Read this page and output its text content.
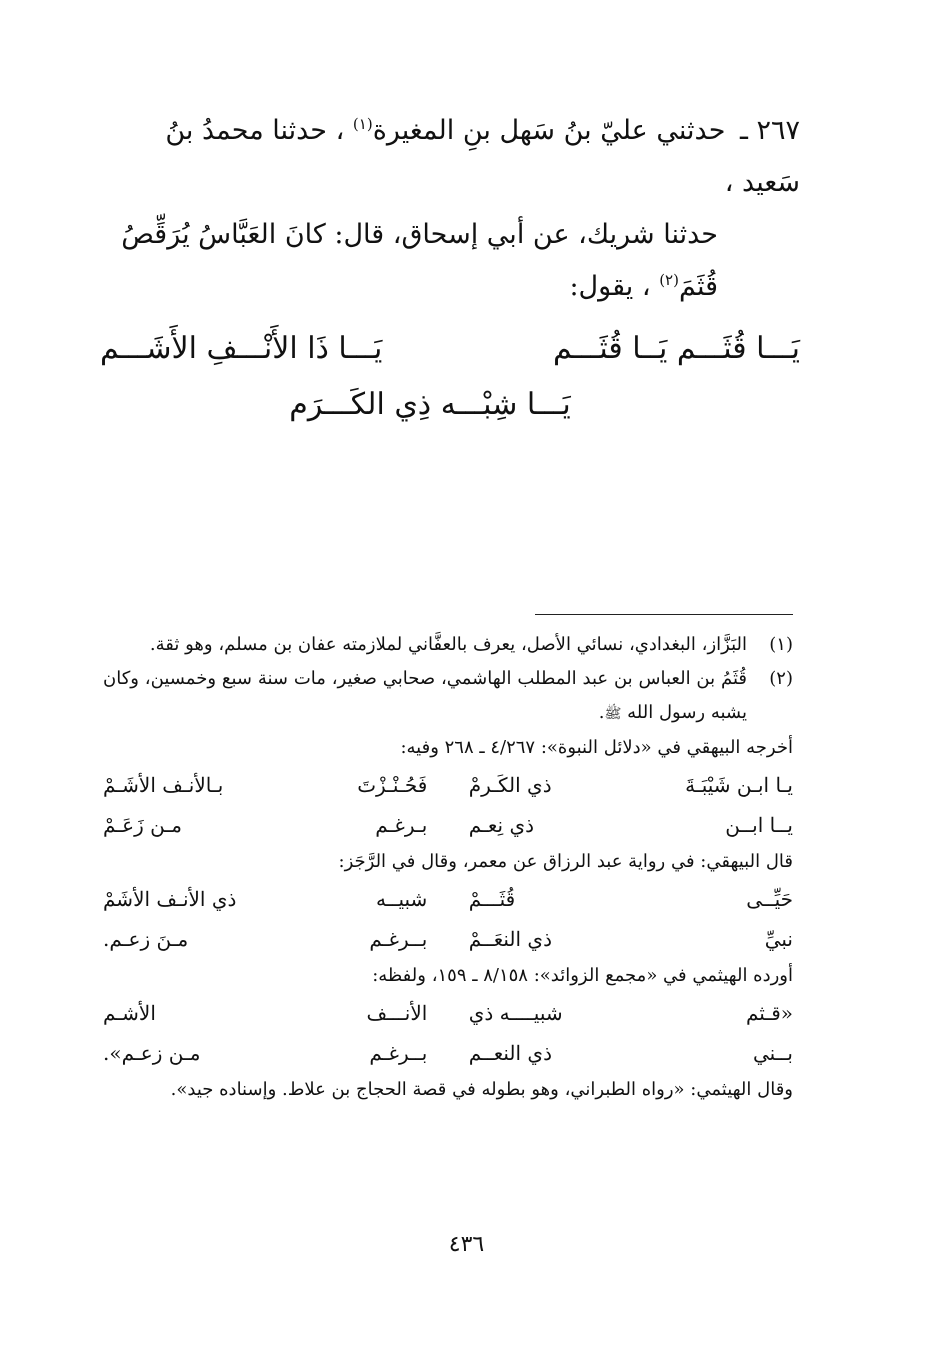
٢٦٧ ـ حدثني عليّ بنُ سَهل بنِ المغيرة$^{(١)}$ ، حدثنا محمدُ بنُ سَعيد ،
حدثنا شريك، عن أبي إسحاق، قال: كانَ العَبَّاسُ يُرَقِّصُ
قُثَمَ$^{(٢)}$ ، يقول:
يَـــا قُثَـــم يَــا قُثَـــم
يَـــا ذَا الأَنْـــفِ الأَشَـــم
يَـــا شِبْـــه ذِي الكَـــرَم
(١)
البَزَّاز، البغدادي، نسائي الأصل، يعرف بالعفَّاني لملازمته عفان بن مسلم، وهو ثقة.
(٢)
قُثَمُ بن العباس بن عبد المطلب الهاشمي، صحابي صغير، مات سنة سبع وخمسين، وكان يشبه رسول الله ﷺ.
أخرجه البيهقي في «دلائل النبوة»: ٤/٢٦٧ ـ ٢٦٨ وفيه:
يـا ابـن شَيْبَـةَ
ذي الكَـرمْ
فَحُـنْـزْتَ
بـالأنـف الأشَـمْ
يــا ابــن
ذي نِعـم
بـرغـم
مـن زَعَـمْ
قال البيهقي: في رواية عبد الرزاق عن معمر، وقال في الرَّجَز:
حَيِّــى
قُثَـــمْ
شبيــه
ذي الأنـف الأشَمْ
نبيِّ
ذي النعَــمْ
بــرغـم
مـنَ زعـم.
أورده الهيثمي في «مجمع الزوائد»: ٨/١٥٨ ـ ١٥٩، ولفظه:
«قـثم
شبيــــه ذي
الأنـــف
الأشـم
بــني
ذي النعــم
بــرغـم
مـن زعـم».
وقال الهيثمي: «رواه الطبراني، وهو بطوله في قصة الحجاج بن علاط. وإسناده جيد».
٤٣٦
